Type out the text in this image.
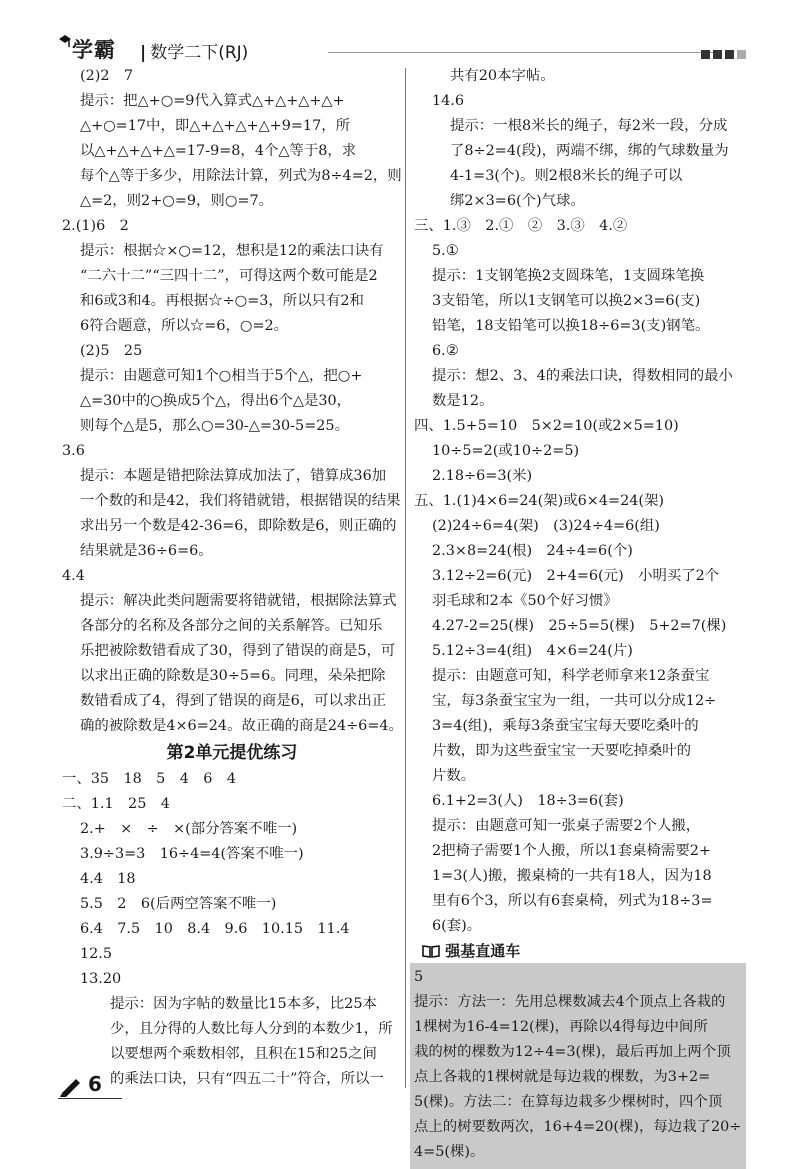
学霸 | 数学二下(RJ)
(2)2　7
提示：把△+○=9代入算式△+△+△+△+
△+○=17中，即△+△+△+△+9=17，所
以△+△+△+△=17-9=8，4个△等于8，求
每个△等于多少，用除法计算，列式为8÷4=2，则
△=2，则2+○=9，则○=7。
2.(1)6　2
提示：根据☆×○=12，想积是12的乘法口诀有
“二六十二”“三四十二”，可得这两个数可能是2
和6或3和4。再根据☆÷○=3，所以只有2和
6符合题意，所以☆=6，○=2。
(2)5　25
提示：由题意可知1个○相当于5个△，把○+
△=30中的○换成5个△，得出6个△是30，
则每个△是5，那么○=30-△=30-5=25。
3.6
提示：本题是错把除法算成加法了，错算成36加
一个数的和是42，我们将错就错，根据错误的结果
求出另一个数是42-36=6，即除数是6，则正确的
结果就是36÷6=6。
4.4
提示：解决此类问题需要将错就错，根据除法算式
各部分的名称及各部分之间的关系解答。已知乐
乐把被除数错看成了30，得到了错误的商是5，可
以求出正确的除数是30÷5=6。同理，朵朵把除
数错看成了4，得到了错误的商是6，可以求出正
确的被除数是4×6=24。故正确的商是24÷6=4。
第2单元提优练习
一、35　18　5　4　6　4
二、1.1　25　4
2.+　×　÷　×(部分答案不唯一)
3.9÷3=3　16÷4=4(答案不唯一)
4.4　18
5.5　2　6(后两空答案不唯一)
6.4　7.5　10　8.4　9.6　10.15　11.4
12.5
13.20
提示：因为字帖的数量比15本多，比25本
少，且分得的人数比每人分到的本数少1，所
以要想两个乘数相邻，且积在15和25之间
的乘法口诀，只有“四五二十”符合，所以一
共有20本字帖。
14.6
提示：一根8米长的绳子，每2米一段，分成
了8÷2=4(段)，两端不绑，绑的气球数量为
4-1=3(个)。则2根8米长的绳子可以
绑2×3=6(个)气球。
三、1.③　2.①　②　3.③　4.②
5.①
提示：1支钢笔换2支圆珠笔，1支圆珠笔换
3支铅笔，所以1支钢笔可以换2×3=6(支)
铅笔，18支铅笔可以换18÷6=3(支)钢笔。
6.②
提示：想2、3、4的乘法口诀，得数相同的最小
数是12。
四、1.5+5=10　5×2=10(或2×5=10)
10÷5=2(或10÷2=5)
2.18÷6=3(米)
五、1.(1)4×6=24(架)或6×4=24(架)
(2)24÷6=4(架)　(3)24÷4=6(组)
2.3×8=24(根)　24÷4=6(个)
3.12÷2=6(元)　2+4=6(元)　小明买了2个
羽毛球和2本《50个好习惯》
4.27-2=25(棵)　25÷5=5(棵)　5+2=7(棵)
5.12÷3=4(组)　4×6=24(片)
提示：由题意可知，科学老师拿来12条蚕宝
宝，每3条蚕宝宝为一组，一共可以分成12÷
3=4(组)，乘每3条蚕宝宝每天要吃桑叶的
片数，即为这些蚕宝宝一天要吃掉桑叶的
片数。
6.1+2=3(人)　18÷3=6(套)
提示：由题意可知一张桌子需要2个人搬，
2把椅子需要1个人搬，所以1套桌椅需要2+
1=3(人)搬，搬桌椅的一共有18人，因为18
里有6个3，所以有6套桌椅，列式为18÷3=
6(套)。
强基直通车
5
提示：方法一：先用总棵数减去4个顶点上各栽的
1棵树为16-4=12(棵)，再除以4得每边中间所
栽的树的棵数为12÷4=3(棵)，最后再加上两个顶
点上各栽的1棵树就是每边栽的棵数，为3+2=
5(棵)。方法二：在算每边栽多少棵树时，四个顶
点上的树要数两次，16+4=20(棵)，每边栽了20÷
4=5(棵)。
6
